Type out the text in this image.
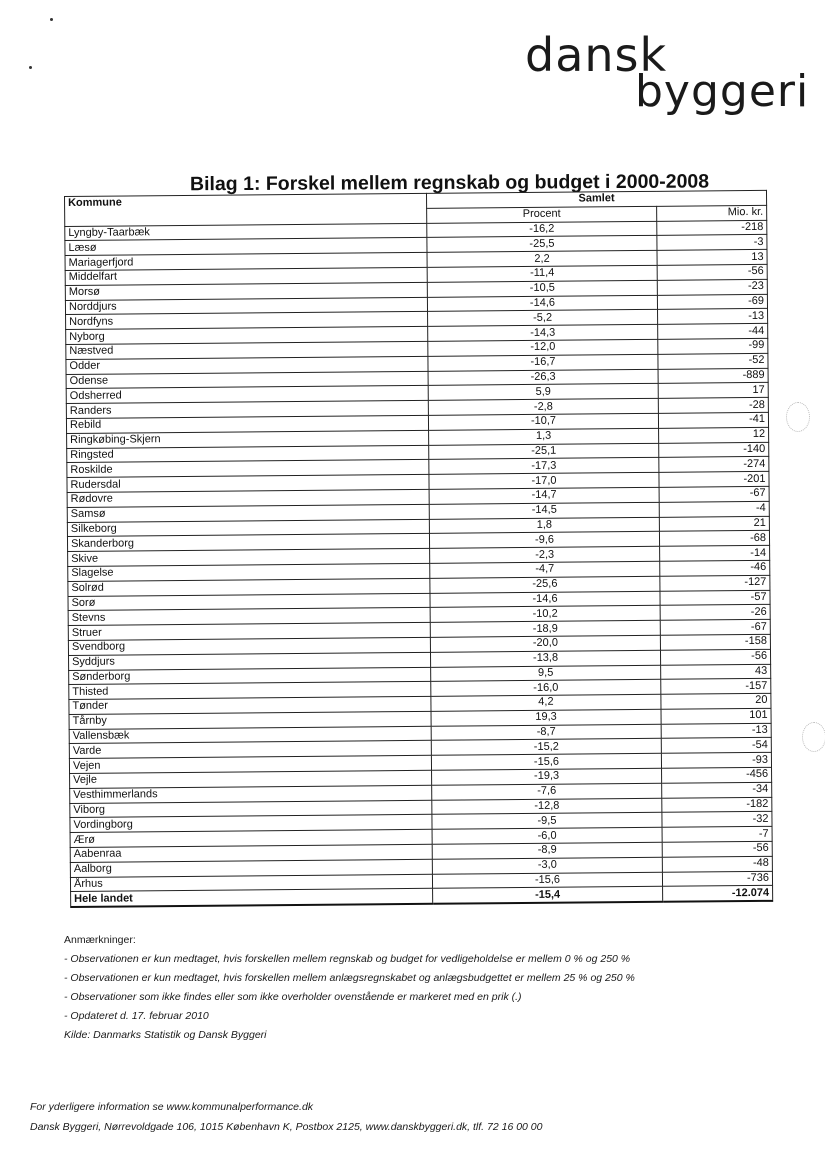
dansk
byggeri
Bilag 1: Forskel mellem regnskab og budget i 2000-2008
Kommune	Samlet	
	Procent	Mio. kr.
Lyngby-Taarbæk	-16,2	-218
Læsø	-25,5	-3
Mariagerfjord	2,2	13
Middelfart	-11,4	-56
Morsø	-10,5	-23
Norddjurs	-14,6	-69
Nordfyns	-5,2	-13
Nyborg	-14,3	-44
Næstved	-12,0	-99
Odder	-16,7	-52
Odense	-26,3	-889
Odsherred	5,9	17
Randers	-2,8	-28
Rebild	-10,7	-41
Ringkøbing-Skjern	1,3	12
Ringsted	-25,1	-140
Roskilde	-17,3	-274
Rudersdal	-17,0	-201
Rødovre	-14,7	-67
Samsø	-14,5	-4
Silkeborg	1,8	21
Skanderborg	-9,6	-68
Skive	-2,3	-14
Slagelse	-4,7	-46
Solrød	-25,6	-127
Sorø	-14,6	-57
Stevns	-10,2	-26
Struer	-18,9	-67
Svendborg	-20,0	-158
Syddjurs	-13,8	-56
Sønderborg	9,5	43
Thisted	-16,0	-157
Tønder	4,2	20
Tårnby	19,3	101
Vallensbæk	-8,7	-13
Varde	-15,2	-54
Vejen	-15,6	-93
Vejle	-19,3	-456
Vesthimmerlands	-7,6	-34
Viborg	-12,8	-182
Vordingborg	-9,5	-32
Ærø	-6,0	-7
Aabenraa	-8,9	-56
Aalborg	-3,0	-48
Århus	-15,6	-736
Hele landet	-15,4	-12.074
Anmærkninger:
- Observationen er kun medtaget, hvis forskellen mellem regnskab og budget for vedligeholdelse er mellem 0 % og 250 %
- Observationen er kun medtaget, hvis forskellen mellem anlægsregnskabet og anlægsbudgettet er mellem 25 % og 250 %
- Observationer som ikke findes eller som ikke overholder ovenstående er markeret med en prik (.)
- Opdateret d. 17. februar 2010
Kilde: Danmarks Statistik og Dansk Byggeri
For yderligere information se www.kommunalperformance.dk
Dansk Byggeri, Nørrevoldgade 106, 1015 København K, Postbox 2125, www.danskbyggeri.dk, tlf. 72 16 00 00
